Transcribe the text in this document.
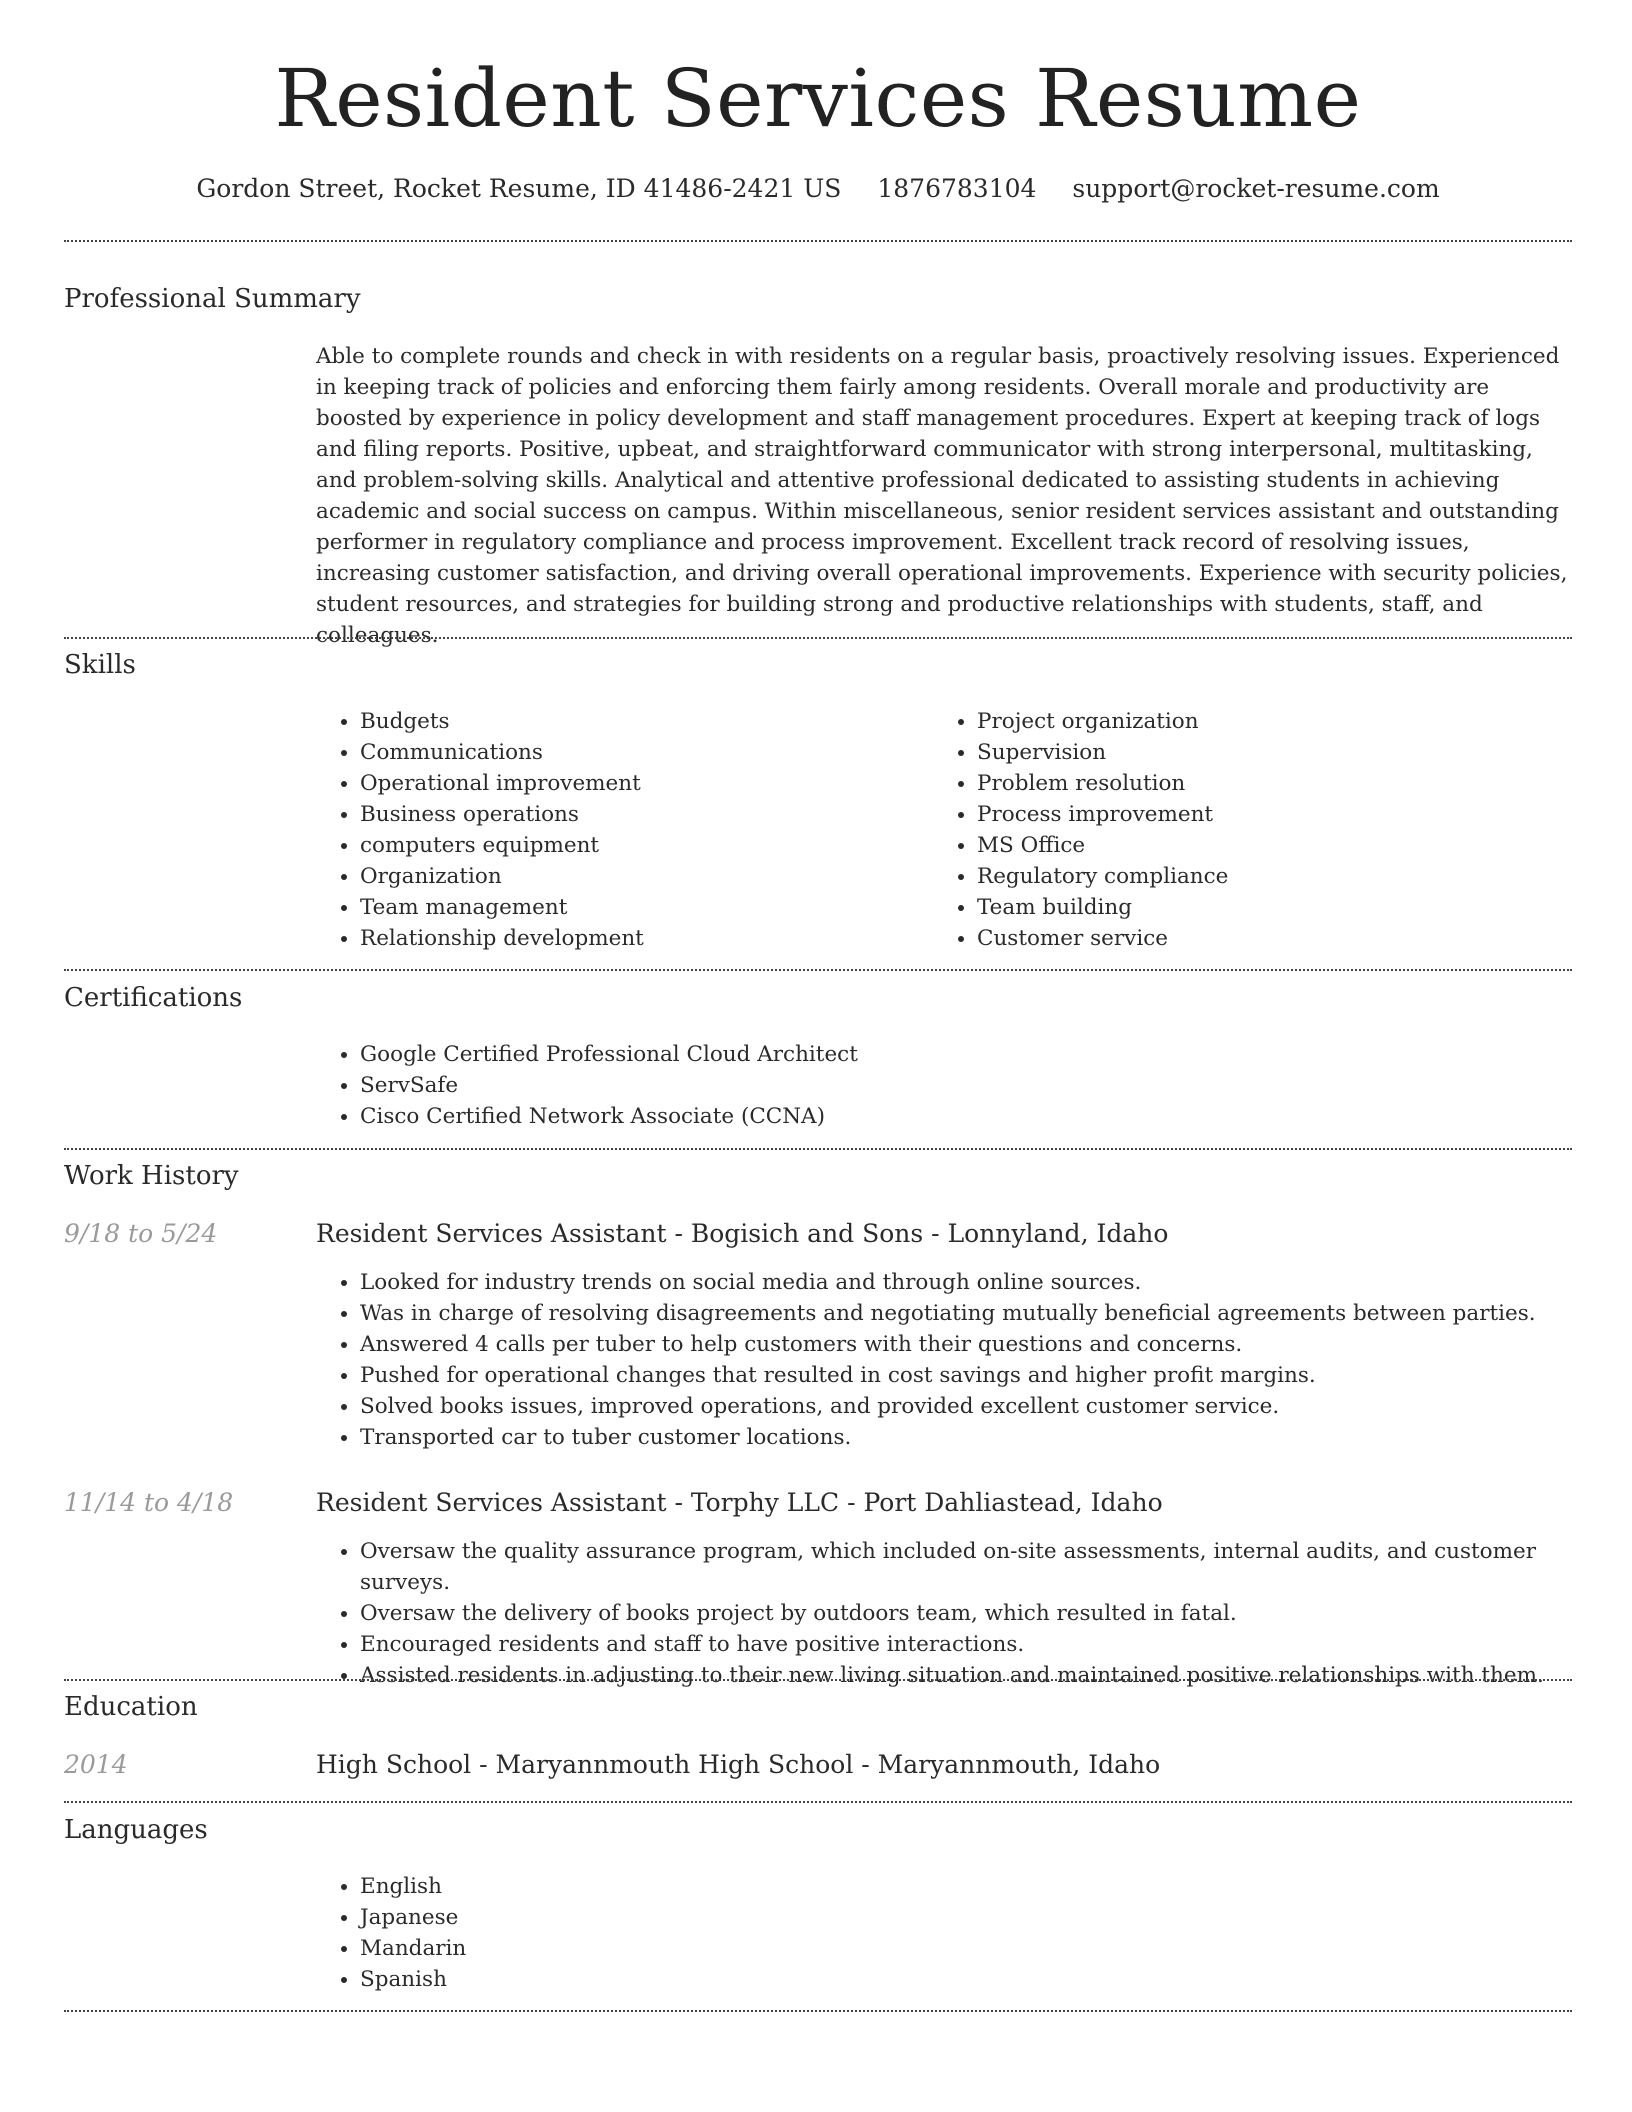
Resident Services Resume
Gordon Street, Rocket Resume, ID 41486-2421 US 1876783104 support@rocket-resume.com
Professional Summary
Able to complete rounds and check in with residents on a regular basis, proactively resolving issues. Experienced in keeping track of policies and enforcing them fairly among residents. Overall morale and productivity are boosted by experience in policy development and staff management procedures. Expert at keeping track of logs and filing reports. Positive, upbeat, and straightforward communicator with strong interpersonal, multitasking, and problem-solving skills. Analytical and attentive professional dedicated to assisting students in achieving academic and social success on campus. Within miscellaneous, senior resident services assistant and outstanding performer in regulatory compliance and process improvement. Excellent track record of resolving issues, increasing customer satisfaction, and driving overall operational improvements. Experience with security policies, student resources, and strategies for building strong and productive relationships with students, staff, and colleagues.
Skills
• Budgets
• Communications
• Operational improvement
• Business operations
• computers equipment
• Organization
• Team management
• Relationship development
• Project organization
• Supervision
• Problem resolution
• Process improvement
• MS Office
• Regulatory compliance
• Team building
• Customer service
Certifications
• Google Certified Professional Cloud Architect
• ServSafe
• Cisco Certified Network Associate (CCNA)
Work History
9/18 to 5/24	Resident Services Assistant - Bogisich and Sons - Lonnyland, Idaho
• Looked for industry trends on social media and through online sources.
• Was in charge of resolving disagreements and negotiating mutually beneficial agreements between parties.
• Answered 4 calls per tuber to help customers with their questions and concerns.
• Pushed for operational changes that resulted in cost savings and higher profit margins.
• Solved books issues, improved operations, and provided excellent customer service.
• Transported car to tuber customer locations.
11/14 to 4/18	Resident Services Assistant - Torphy LLC - Port Dahliastead, Idaho
• Oversaw the quality assurance program, which included on-site assessments, internal audits, and customer surveys.
• Oversaw the delivery of books project by outdoors team, which resulted in fatal.
• Encouraged residents and staff to have positive interactions.
• Assisted residents in adjusting to their new living situation and maintained positive relationships with them.
Education
2014	High School - Maryannmouth High School - Maryannmouth, Idaho
Languages
• English
• Japanese
• Mandarin
• Spanish
